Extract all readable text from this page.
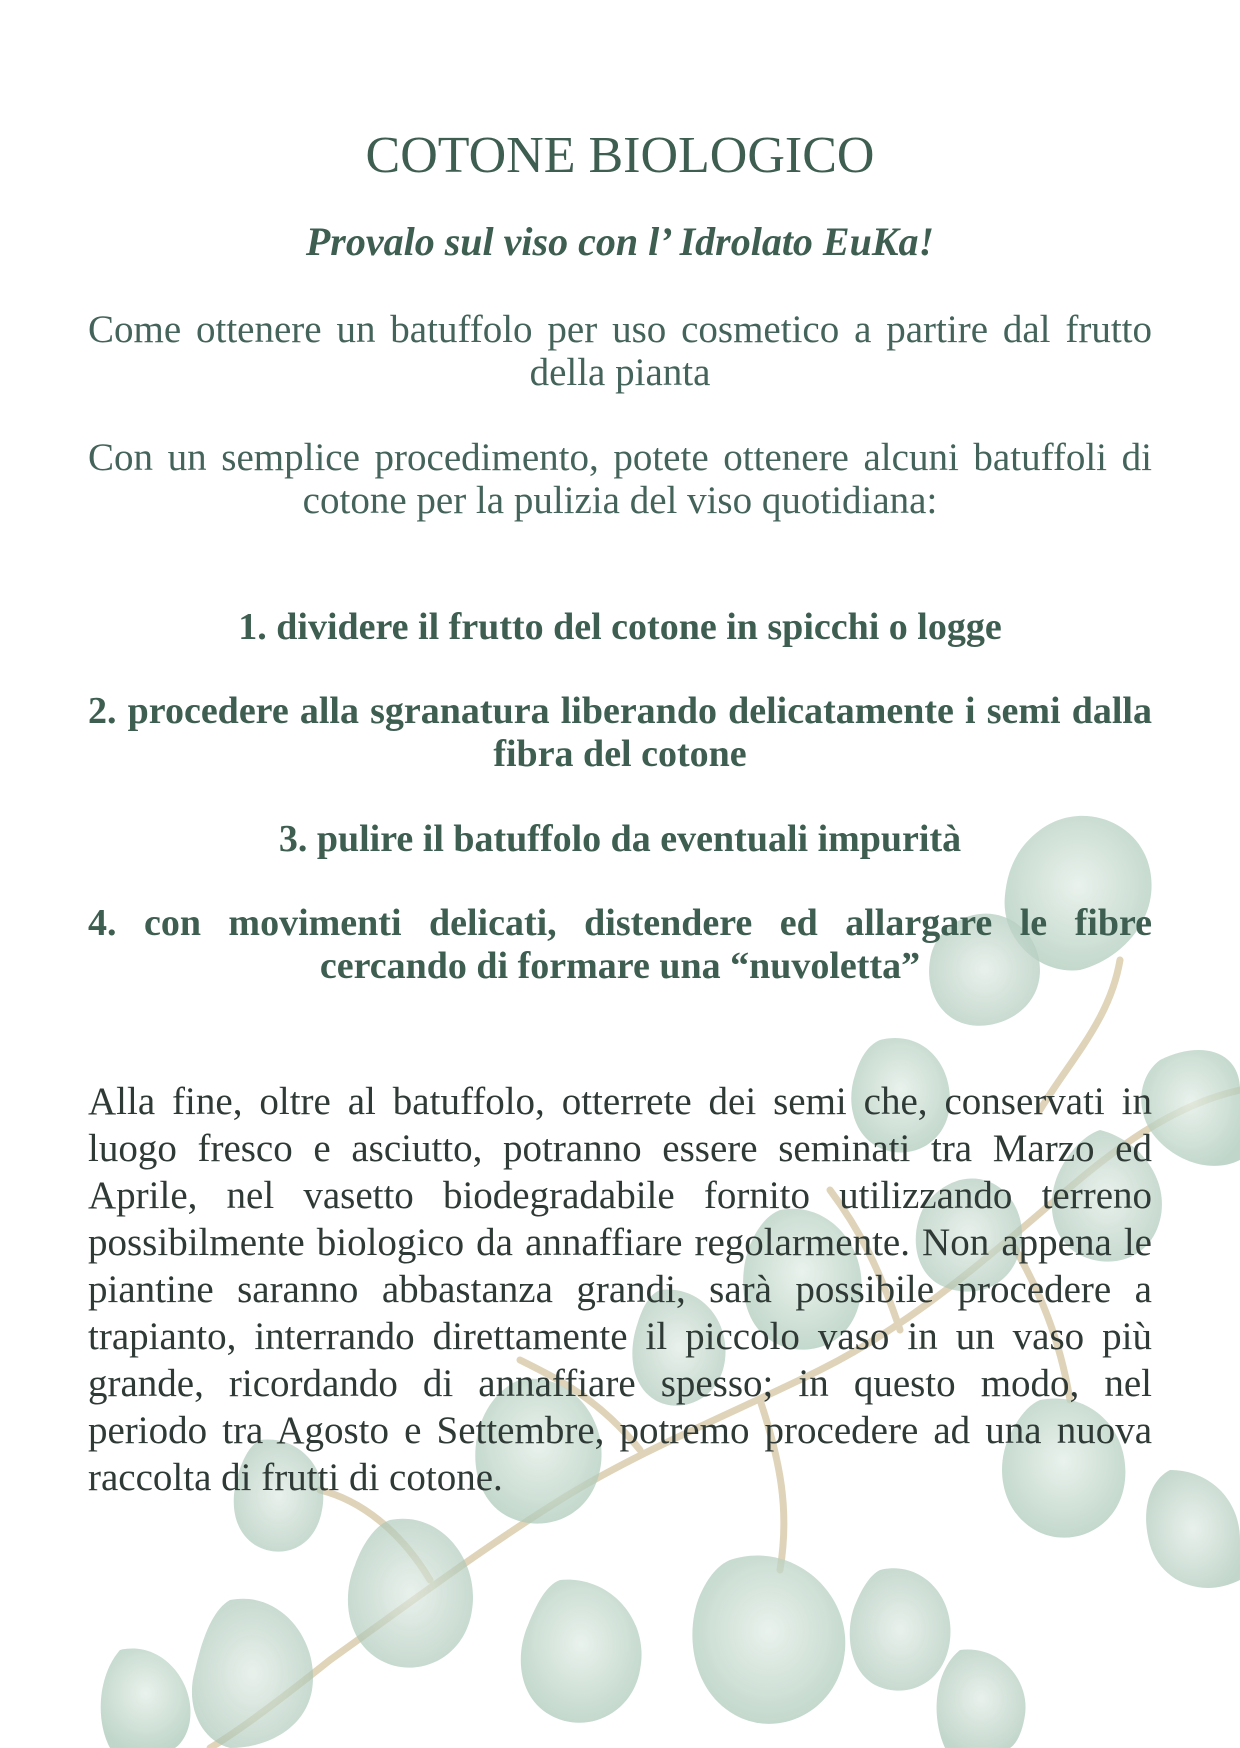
COTONE BIOLOGICO
Provalo sul viso con l’ Idrolato EuKa!
Come ottenere un batuffolo per uso cosmetico a partire dal frutto della pianta
Con un semplice procedimento, potete ottenere alcuni batuffoli di cotone per la pulizia del viso quotidiana:
1. dividere il frutto del cotone in spicchi o logge
2. procedere alla sgranatura liberando delicatamente i semi dalla fibra del cotone
3. pulire il batuffolo da eventuali impurità
4. con movimenti delicati, distendere ed allargare le fibre cercando di formare una “nuvoletta”
Alla fine, oltre al batuffolo, otterrete dei semi che, conservati in luogo fresco e asciutto, potranno essere seminati tra Marzo ed Aprile, nel vasetto biodegradabile fornito utilizzando terreno possibilmente biologico da annaffiare regolarmente. Non appena le piantine saranno abbastanza grandi, sarà possibile procedere a trapianto, interrando direttamente il piccolo vaso in un vaso più grande, ricordando di annaffiare spesso; in questo modo, nel periodo tra Agosto e Settembre, potremo procedere ad una nuova raccolta di frutti di cotone.
